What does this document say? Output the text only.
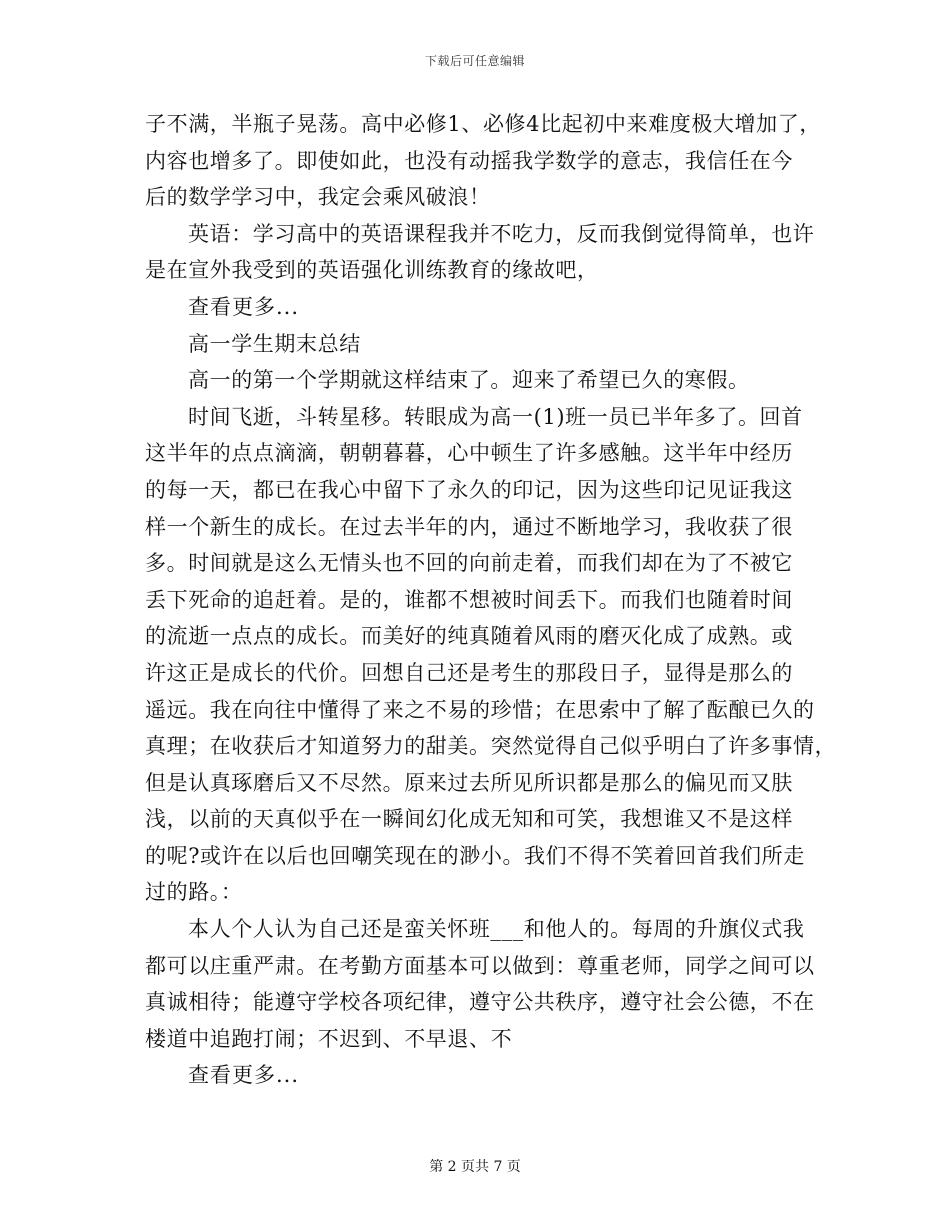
下载后可任意编辑
子不满，半瓶子晃荡。高中必修1、必修4比起初中来难度极大增加了，
内容也增多了。即使如此，也没有动摇我学数学的意志，我信任在今
后的数学学习中，我定会乘风破浪！
英语：学习高中的英语课程我并不吃力，反而我倒觉得简单，也许
是在宣外我受到的英语强化训练教育的缘故吧，
查看更多...
高一学生期末总结
高一的第一个学期就这样结束了。迎来了希望已久的寒假。
时间飞逝，斗转星移。转眼成为高一(1)班一员已半年多了。回首
这半年的点点滴滴，朝朝暮暮，心中顿生了许多感触。这半年中经历
的每一天，都已在我心中留下了永久的印记，因为这些印记见证我这
样一个新生的成长。在过去半年的内，通过不断地学习，我收获了很
多。时间就是这么无情头也不回的向前走着，而我们却在为了不被它
丢下死命的追赶着。是的，谁都不想被时间丢下。而我们也随着时间
的流逝一点点的成长。而美好的纯真随着风雨的磨灭化成了成熟。或
许这正是成长的代价。回想自己还是考生的那段日子，显得是那么的
遥远。我在向往中懂得了来之不易的珍惜；在思索中了解了酝酿已久的
真理；在收获后才知道努力的甜美。突然觉得自己似乎明白了许多事情，
但是认真琢磨后又不尽然。原来过去所见所识都是那么的偏见而又肤
浅，以前的天真似乎在一瞬间幻化成无知和可笑，我想谁又不是这样
的呢?或许在以后也回嘲笑现在的渺小。我们不得不笑着回首我们所走
过的路。：
本人个人认为自己还是蛮关怀班___和他人的。每周的升旗仪式我
都可以庄重严肃。在考勤方面基本可以做到：尊重老师，同学之间可以
真诚相待；能遵守学校各项纪律，遵守公共秩序，遵守社会公德，不在
楼道中追跑打闹；不迟到、不早退、不
查看更多...
第 2 页共 7 页
